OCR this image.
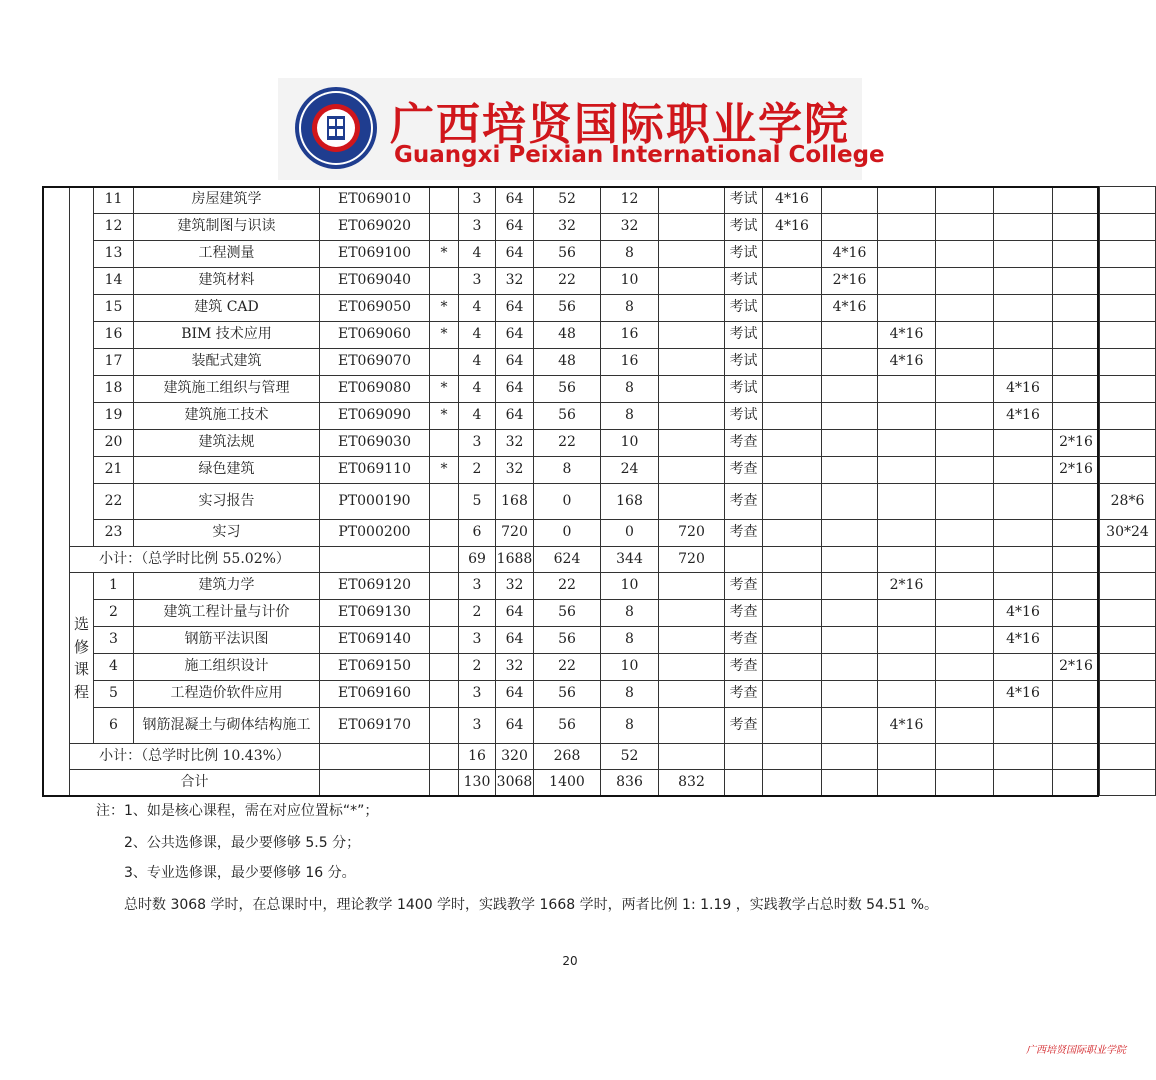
广西培贤国际职业学院
Guangxi Peixian International College
		11	房屋建筑学	ET069010		3	64	52	12		考试	4*16						
		12	建筑制图与识读	ET069020		3	64	32	32		考试	4*16						
		13	工程测量	ET069100	*	4	64	56	8		考试		4*16					
		14	建筑材料	ET069040		3	32	22	10		考试		2*16					
		15	建筑 CAD	ET069050	*	4	64	56	8		考试		4*16					
		16	BIM 技术应用	ET069060	*	4	64	48	16		考试			4*16				
		17	装配式建筑	ET069070		4	64	48	16		考试			4*16				
		18	建筑施工组织与管理	ET069080	*	4	64	56	8		考试					4*16		
		19	建筑施工技术	ET069090	*	4	64	56	8		考试					4*16		
		20	建筑法规	ET069030		3	32	22	10		考查						2*16	
		21	绿色建筑	ET069110	*	2	32	8	24		考查						2*16	
		22	实习报告	PT000190		5	168	0	168		考查							28*6
		23	实习	PT000200		6	720	0	0	720	考查							30*24
	小计：（总学时比例 55.02%）					69	1688	624	344	720								

	选
修
课
程	1	建筑力学	ET069120		3	32	22	10		考查			2*16				
		2	建筑工程计量与计价	ET069130		2	64	56	8		考查					4*16		
		3	钢筋平法识图	ET069140		3	64	56	8		考查					4*16		
		4	施工组织设计	ET069150		2	32	22	10		考查						2*16	
		5	工程造价软件应用	ET069160		3	64	56	8		考查					4*16		
		6	钢筋混凝土与砌体结构施工	ET069170		3	64	56	8		考查			4*16				
	小计：（总学时比例 10.43%）					16	320	268	52									
	合计					130	3068	1400	836	832								
注：1、如是核心课程，需在对应位置标“*”；
2、公共选修课，最少要修够 5.5 分；
3、专业选修课，最少要修够 16 分。
总时数 3068 学时，在总课时中，理论教学 1400 学时，实践教学 1668 学时，两者比例 1: 1.19 ，实践教学占总时数 54.51 %。
20
广西培贤国际职业学院
